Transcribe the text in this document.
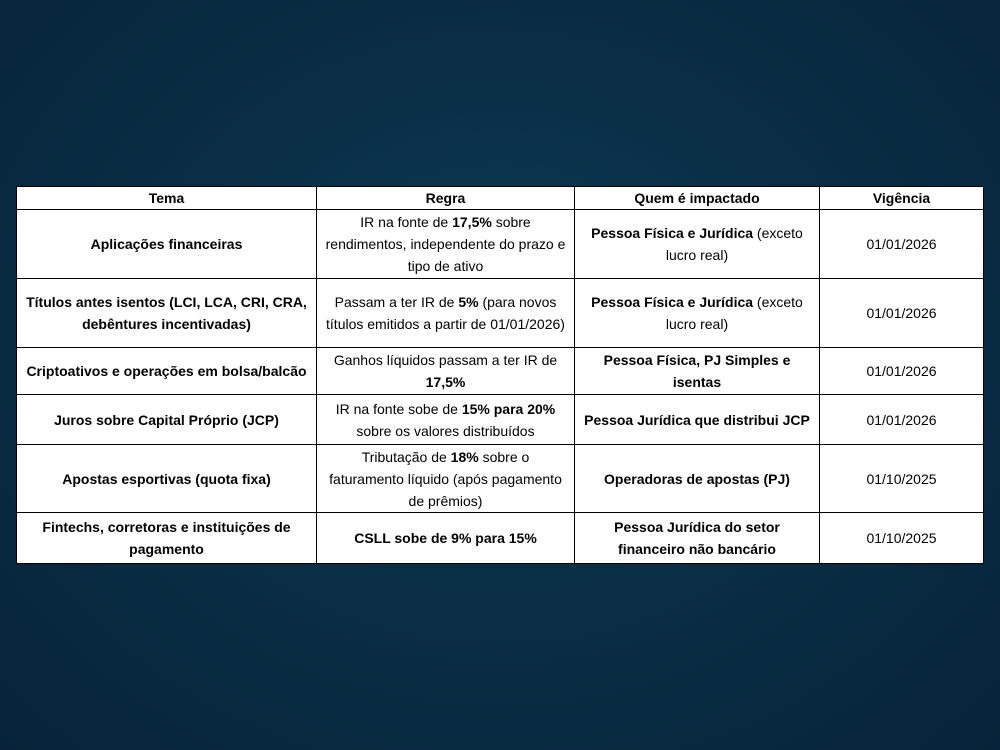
Tema	Regra	Quem é impactado	Vigência
Aplicações financeiras	IR na fonte de 17,5% sobre rendimentos, independente do prazo e tipo de ativo	Pessoa Física e Jurídica (exceto lucro real)	01/01/2026
Títulos antes isentos (LCI, LCA, CRI, CRA, debêntures incentivadas)	Passam a ter IR de 5% (para novos títulos emitidos a partir de 01/01/2026)	Pessoa Física e Jurídica (exceto lucro real)	01/01/2026
Criptoativos e operações em bolsa/balcão	Ganhos líquidos passam a ter IR de 17,5%	Pessoa Física, PJ Simples e isentas	01/01/2026
Juros sobre Capital Próprio (JCP)	IR na fonte sobe de 15% para 20% sobre os valores distribuídos	Pessoa Jurídica que distribui JCP	01/01/2026
Apostas esportivas (quota fixa)	Tributação de 18% sobre o faturamento líquido (após pagamento de prêmios)	Operadoras de apostas (PJ)	01/10/2025
Fintechs, corretoras e instituições de pagamento	CSLL sobe de 9% para 15%	Pessoa Jurídica do setor financeiro não bancário	01/10/2025
